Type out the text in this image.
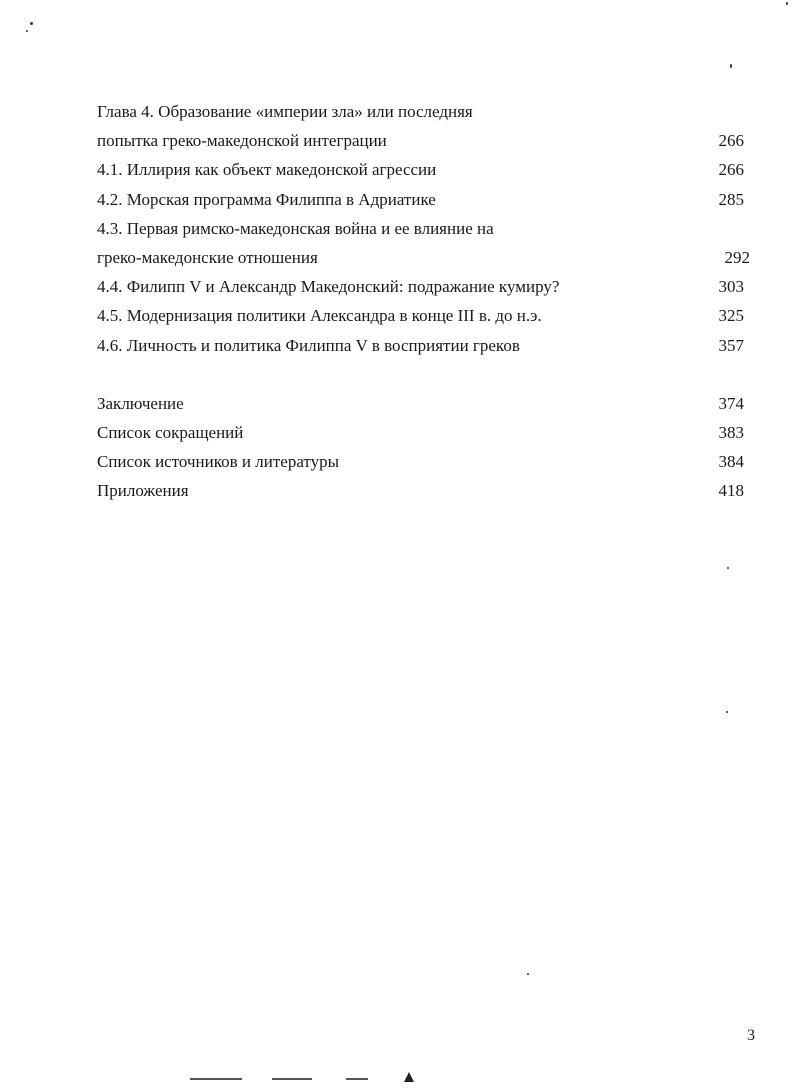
Глава 4. Образование «империи зла» или последняя
попытка греко-македонской интеграции	266
4.1. Иллирия как объект македонской агрессии	266
4.2. Морская программа Филиппа в Адриатике	285
4.3. Первая римско-македонская война и ее влияние на
греко-македонские отношения	292
4.4. Филипп V и Александр Македонский: подражание кумиру?	303
4.5. Модернизация политики Александра в конце III в. до н.э.	325
4.6. Личность и политика Филиппа V в восприятии греков	357
Заключение	374
Список сокращений	383
Список источников и литературы	384
Приложения	418
3
